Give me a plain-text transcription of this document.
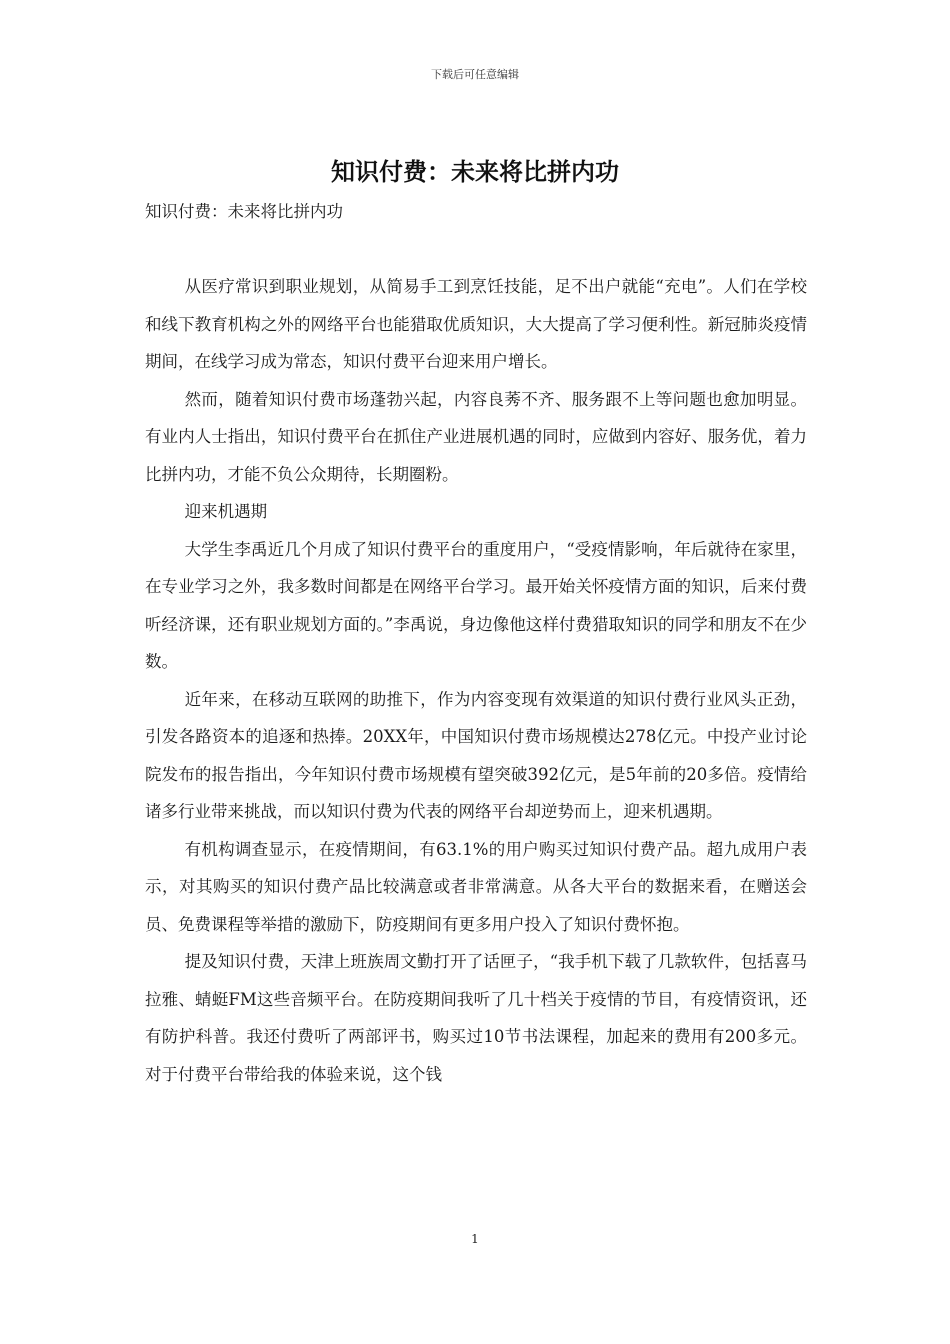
下载后可任意编辑
知识付费：未来将比拼内功
知识付费：未来将比拼内功

从医疗常识到职业规划，从简易手工到烹饪技能，足不出户就能“充电”。人们在学校和线下教育机构之外的网络平台也能猎取优质知识，大大提高了学习便利性。新冠肺炎疫情期间，在线学习成为常态，知识付费平台迎来用户增长。

然而，随着知识付费市场蓬勃兴起，内容良莠不齐、服务跟不上等问题也愈加明显。有业内人士指出，知识付费平台在抓住产业进展机遇的同时，应做到内容好、服务优，着力比拼内功，才能不负公众期待，长期圈粉。

迎来机遇期

大学生李禹近几个月成了知识付费平台的重度用户，“受疫情影响，年后就待在家里，在专业学习之外，我多数时间都是在网络平台学习。最开始关怀疫情方面的知识，后来付费听经济课，还有职业规划方面的。”李禹说，身边像他这样付费猎取知识的同学和朋友不在少数。

近年来，在移动互联网的助推下，作为内容变现有效渠道的知识付费行业风头正劲，引发各路资本的追逐和热捧。20XX年，中国知识付费市场规模达278亿元。中投产业讨论院发布的报告指出，今年知识付费市场规模有望突破392亿元，是5年前的20多倍。疫情给诸多行业带来挑战，而以知识付费为代表的网络平台却逆势而上，迎来机遇期。

有机构调查显示，在疫情期间，有63.1%的用户购买过知识付费产品。超九成用户表示，对其购买的知识付费产品比较满意或者非常满意。从各大平台的数据来看，在赠送会员、免费课程等举措的激励下，防疫期间有更多用户投入了知识付费怀抱。

提及知识付费，天津上班族周文勤打开了话匣子，“我手机下载了几款软件，包括喜马拉雅、蜻蜓FM这些音频平台。在防疫期间我听了几十档关于疫情的节目，有疫情资讯，还有防护科普。我还付费听了两部评书，购买过10节书法课程，加起来的费用有200多元。对于付费平台带给我的体验来说，这个钱

1
